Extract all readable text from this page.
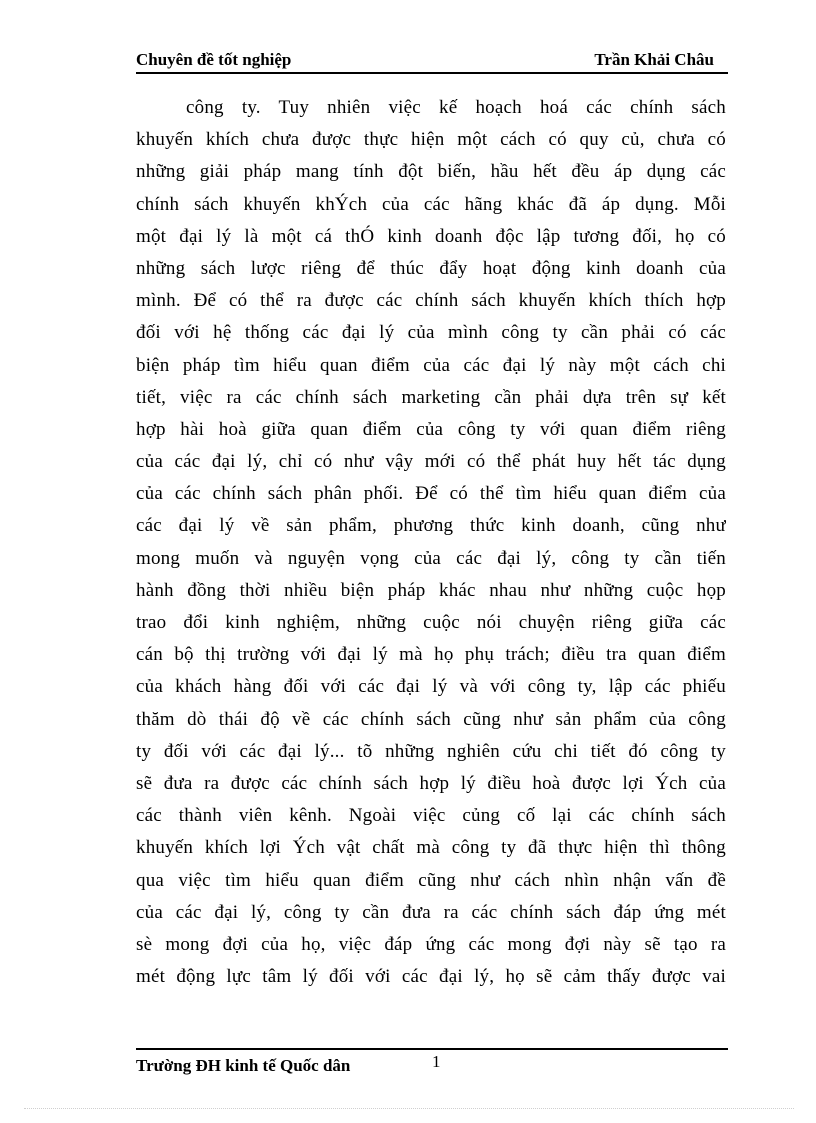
Chuyên đề tốt nghiệp	Trần Khải Châu
công ty. Tuy nhiên việc kế hoạch hoá các chính sách
khuyến khích chưa được thực hiện một cách có quy củ, chưa có
những giải pháp mang tính đột biến, hầu hết đều áp dụng các
chính sách khuyến khÝch của các hãng khác đã áp dụng. Mỗi
một đại lý là một cá thÓ kinh doanh độc lập tương đối, họ có
những sách lược riêng để thúc đẩy hoạt động kinh doanh của
mình. Để có thể ra được các chính sách khuyến khích thích hợp
đối với hệ thống các đại lý của mình công ty cần phải có các
biện pháp tìm hiểu quan điểm của các đại lý này một cách chi
tiết, việc ra các chính sách marketing cần phải dựa trên sự kết
hợp hài hoà giữa quan điểm của công ty với quan điểm riêng
của các đại lý, chỉ có như vậy mới có thể phát huy hết tác dụng
của các chính sách phân phối. Để có thể tìm hiểu quan điểm của
các đại lý về sản phẩm, phương thức kinh doanh, cũng như
mong muốn và nguyện vọng của các đại lý, công ty cần tiến
hành đồng thời nhiều biện pháp khác nhau như những cuộc họp
trao đổi kinh nghiệm, những cuộc nói chuyện riêng giữa các
cán bộ thị trường với đại lý mà họ phụ trách; điều tra quan điểm
của khách hàng đối với các đại lý và với công ty, lập các phiếu
thăm dò thái độ về các chính sách cũng như sản phẩm của công
ty đối với các đại lý... tõ những nghiên cứu chi tiết đó công ty
sẽ đưa ra được các chính sách hợp lý điều hoà được lợi Ých của
các thành viên kênh. Ngoài việc củng cố lại các chính sách
khuyến khích lợi Ých vật chất mà công ty đã thực hiện thì thông
qua việc tìm hiểu quan điểm cũng như cách nhìn nhận vấn đề
của các đại lý, công ty cần đưa ra các chính sách đáp ứng mét
sè mong đợi của họ, việc đáp ứng các mong đợi này sẽ tạo ra
mét động lực tâm lý đối với các đại lý, họ sẽ cảm thấy được vai
Trường ĐH kinh tế Quốc dân	1
